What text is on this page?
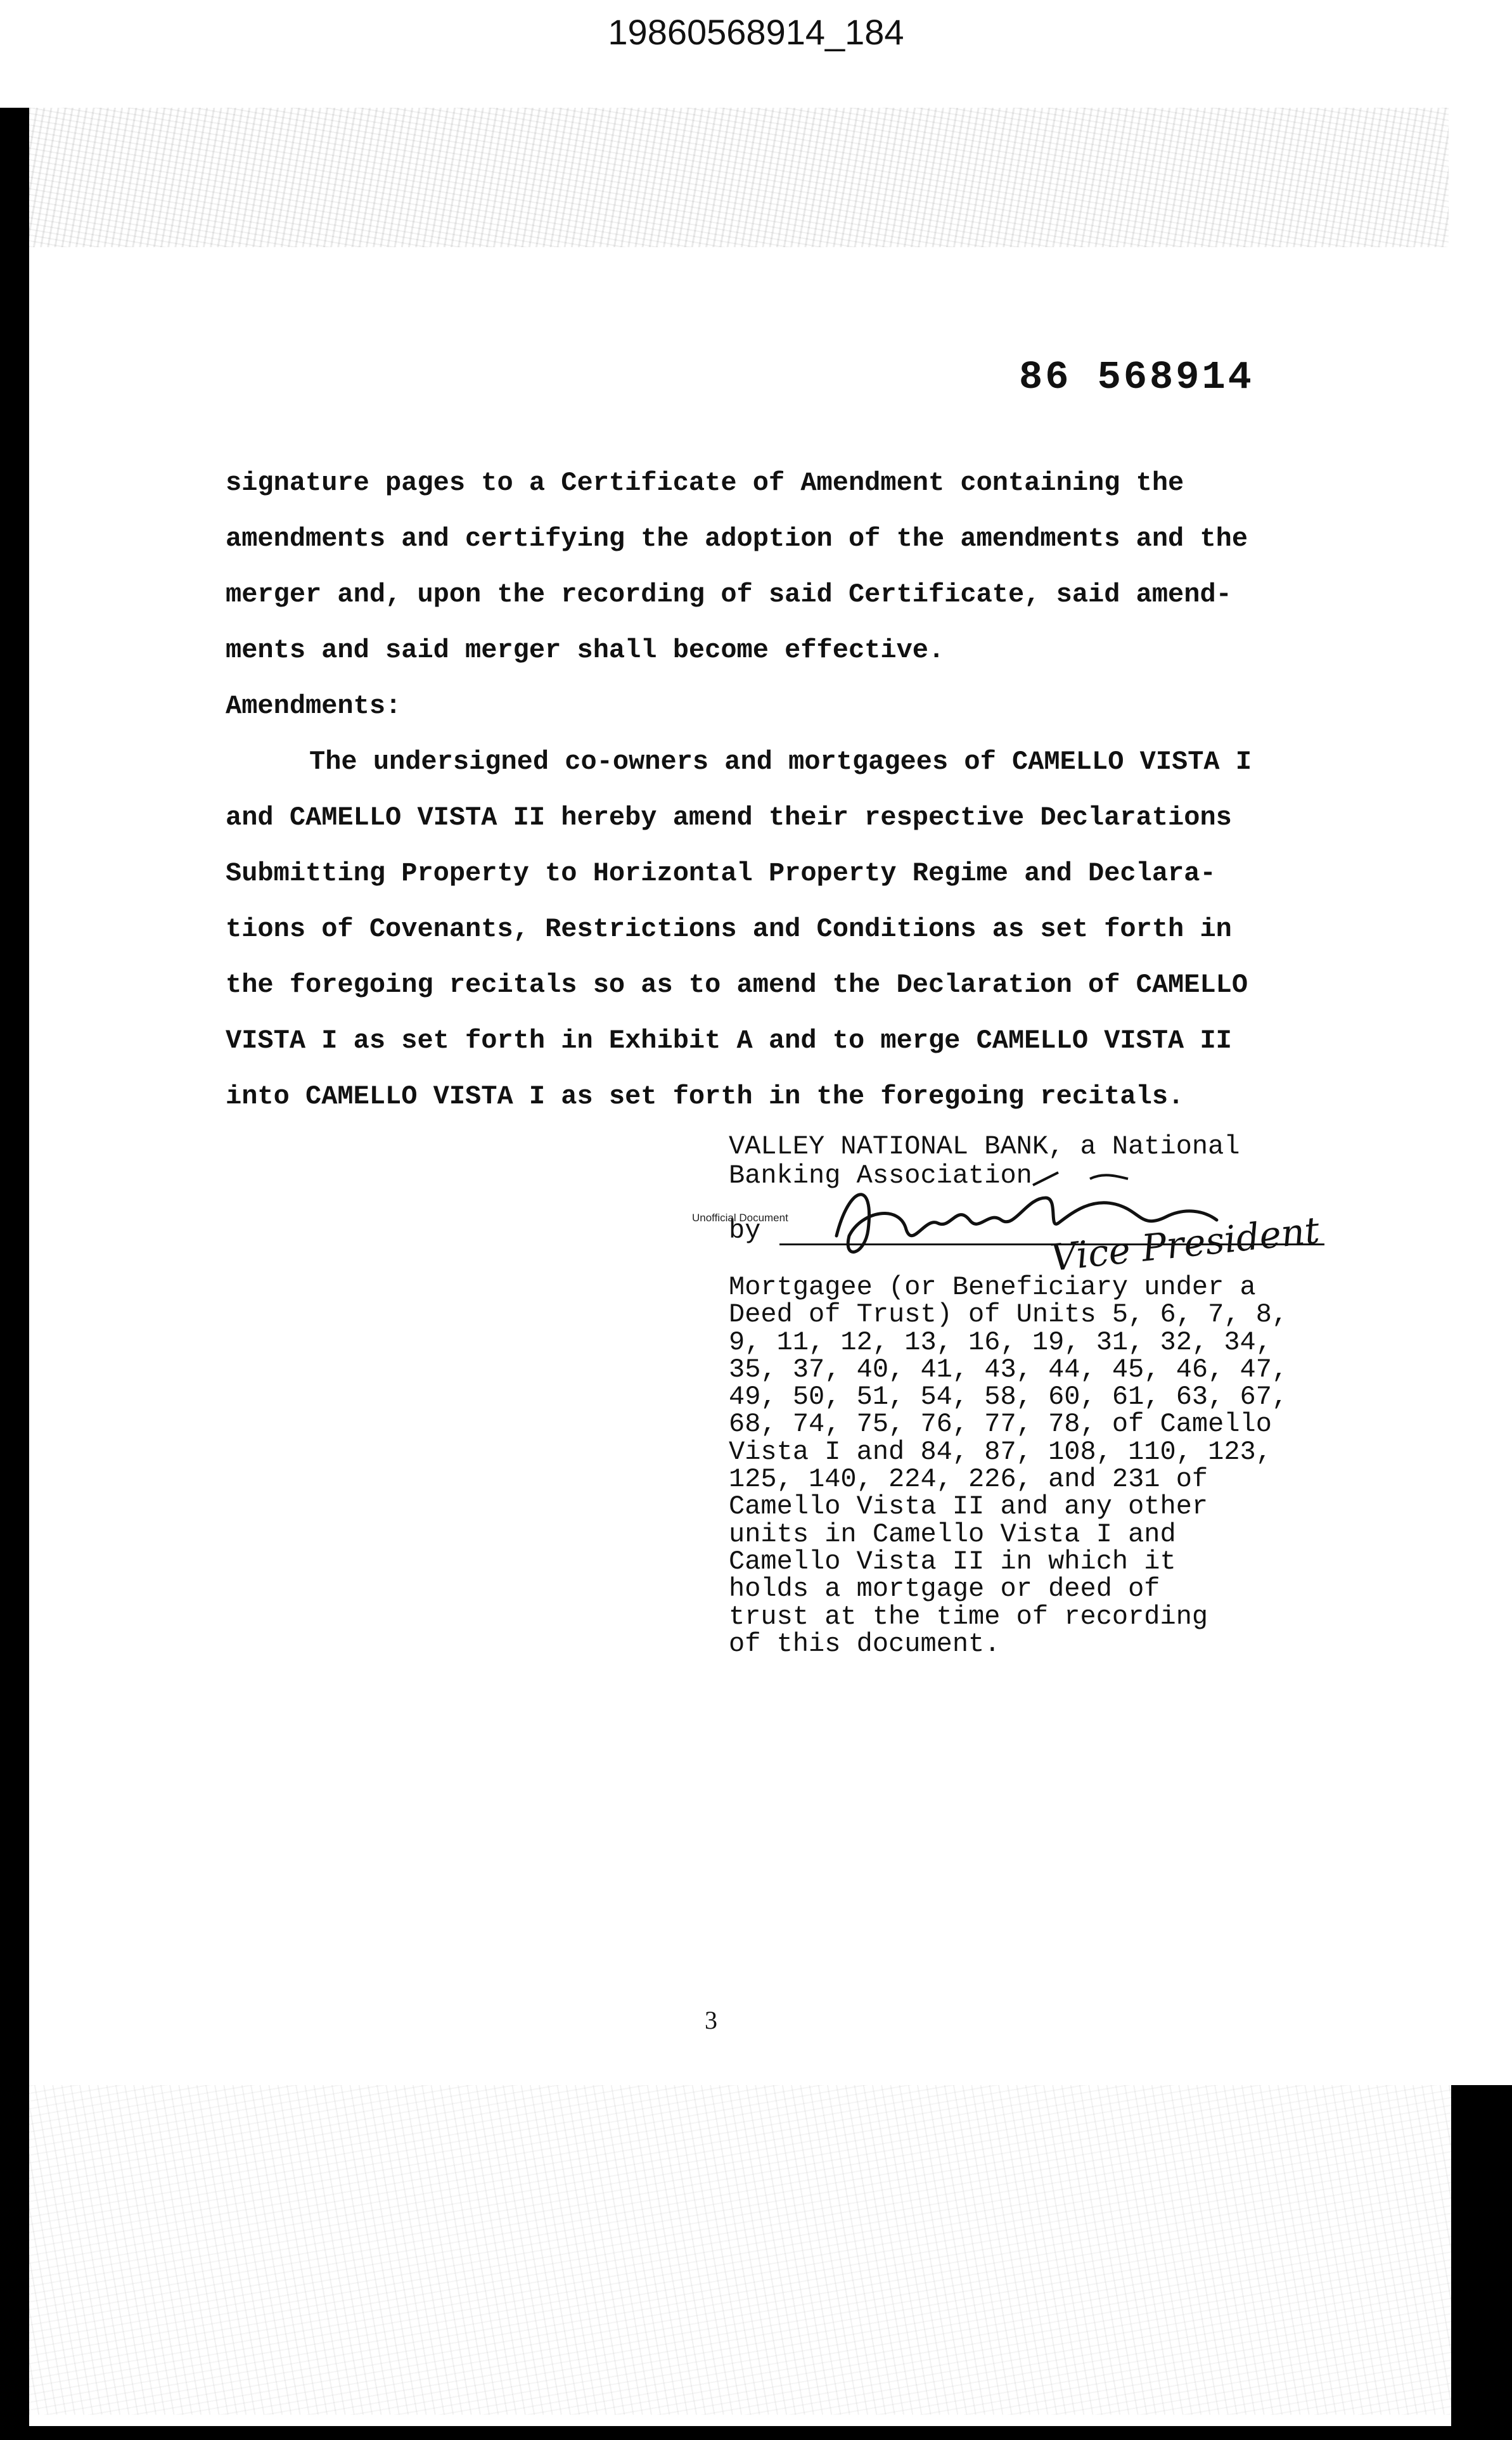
19860568914_184
86 568914
signature pages to a Certificate of Amendment containing the
amendments and certifying the adoption of the amendments and the
merger and, upon the recording of said Certificate, said amend-
ments and said merger shall become effective.
Amendments:
The undersigned co-owners and mortgagees of CAMELLO VISTA I
and CAMELLO VISTA II hereby amend their respective Declarations
Submitting Property to Horizontal Property Regime and Declara-
tions of Covenants, Restrictions and Conditions as set forth in
the foregoing recitals so as to amend the Declaration of CAMELLO
VISTA I as set forth in Exhibit A and to merge CAMELLO VISTA II
into CAMELLO VISTA I as set forth in the foregoing recitals.
VALLEY NATIONAL BANK, a National
Banking Association
Unofficial Document
by	Vice President
Mortgagee (or Beneficiary under a
Deed of Trust) of Units 5, 6, 7, 8,
9, 11, 12, 13, 16, 19, 31, 32, 34,
35, 37, 40, 41, 43, 44, 45, 46, 47,
49, 50, 51, 54, 58, 60, 61, 63, 67,
68, 74, 75, 76, 77, 78, of Camello
Vista I and 84, 87, 108, 110, 123,
125, 140, 224, 226, and 231 of
Camello Vista II and any other
units in Camello Vista I and
Camello Vista II in which it
holds a mortgage or deed of
trust at the time of recording
of this document.
3
